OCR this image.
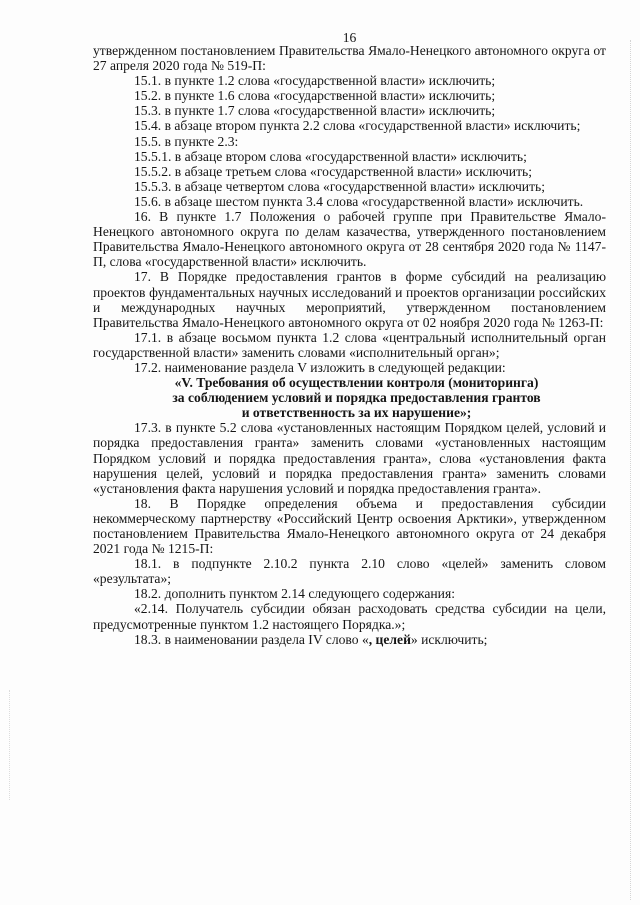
16

утвержденном постановлением Правительства Ямало-Ненецкого автономного округа от 27 апреля 2020 года № 519-П:

15.1. в пункте 1.2 слова «государственной власти» исключить;

15.2. в пункте 1.6 слова «государственной власти» исключить;

15.3. в пункте 1.7 слова «государственной власти» исключить;

15.4. в абзаце втором пункта 2.2 слова «государственной власти» исключить;

15.5. в пункте 2.3:

15.5.1. в абзаце втором слова «государственной власти» исключить;

15.5.2. в абзаце третьем слова «государственной власти» исключить;

15.5.3. в абзаце четвертом слова «государственной власти» исключить;

15.6. в абзаце шестом пункта 3.4 слова «государственной власти» исключить.

16. В пункте 1.7 Положения о рабочей группе при Правительстве Ямало-Ненецкого автономного округа по делам казачества, утвержденного постановлением Правительства Ямало-Ненецкого автономного округа от 28 сентября 2020 года № 1147-П, слова «государственной власти» исключить.

17. В Порядке предоставления грантов в форме субсидий на реализацию проектов фундаментальных научных исследований и проектов организации российских и международных научных мероприятий, утвержденном постановлением Правительства Ямало-Ненецкого автономного округа от 02 ноября 2020 года № 1263-П:

17.1. в абзаце восьмом пункта 1.2 слова «центральный исполнительный орган государственной власти» заменить словами «исполнительный орган»;

17.2. наименование раздела V изложить в следующей редакции:

«V. Требования об осуществлении контроля (мониторинга)
за соблюдением условий и порядка предоставления грантов
и ответственность за их нарушение»;

17.3. в пункте 5.2 слова «установленных настоящим Порядком целей, условий и порядка предоставления гранта» заменить словами «установленных настоящим Порядком условий и порядка предоставления гранта», слова «установления факта нарушения целей, условий и порядка предоставления гранта» заменить словами «установления факта нарушения условий и порядка предоставления гранта».

18. В Порядке определения объема и предоставления субсидии некоммерческому партнерству «Российский Центр освоения Арктики», утвержденном постановлением Правительства Ямало-Ненецкого автономного округа от 24 декабря 2021 года № 1215-П:

18.1. в подпункте 2.10.2 пункта 2.10 слово «целей» заменить словом «результата»;

18.2. дополнить пунктом 2.14 следующего содержания:

«2.14. Получатель субсидии обязан расходовать средства субсидии на цели, предусмотренные пунктом 1.2 настоящего Порядка.»;

18.3. в наименовании раздела IV слово «, целей» исключить;
